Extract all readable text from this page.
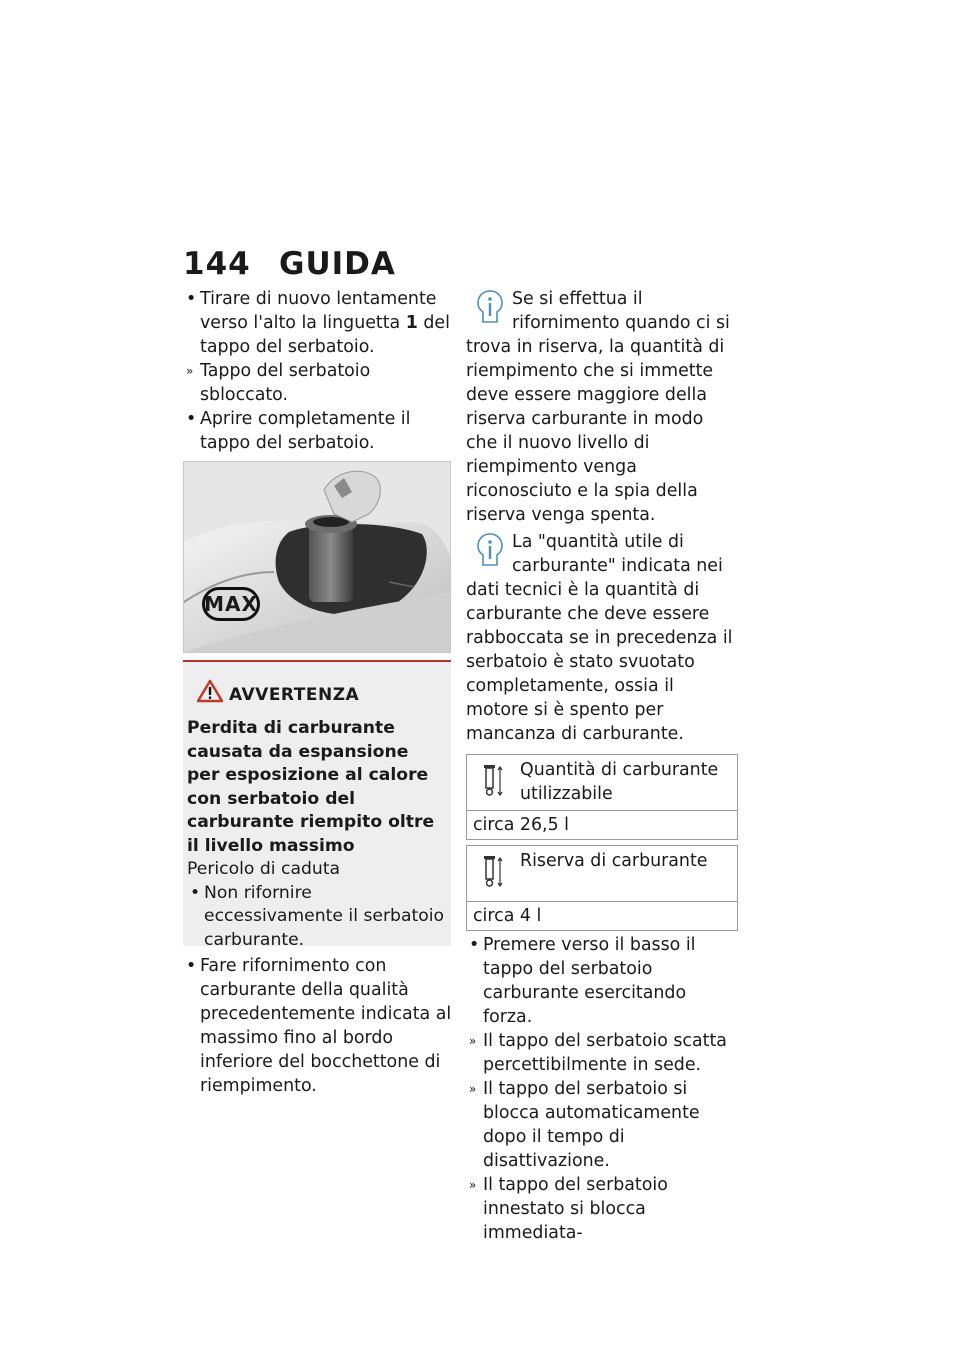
144 GUIDA
• Tirare di nuovo lentamente verso l'alto la linguetta 1 del tappo del serbatoio.
» Tappo del serbatoio sbloccato.
• Aprire completamente il tappo del serbatoio.
MAX
AVVERTENZA
Perdita di carburante causata da espansione per esposizione al calore con serbatoio del carburante riempito oltre il livello massimo
Pericolo di caduta
• Non rifornire eccessivamente il serbatoio carburante.
• Fare rifornimento con carburante della qualità precedentemente indicata al massimo fino al bordo inferiore del bocchettone di riempimento.
Se si effettua il rifornimento quando ci si trova in riserva, la quantità di riempimento che si immette deve essere maggiore della riserva carburante in modo che il nuovo livello di riempimento venga riconosciuto e la spia della riserva venga spenta.
La "quantità utile di carburante" indicata nei dati tecnici è la quantità di carburante che deve essere rabboccata se in precedenza il serbatoio è stato svuotato completamente, ossia il motore si è spento per mancanza di carburante.
Quantità di carburante utilizzabile
circa 26,5 l
Riserva di carburante
circa 4 l
• Premere verso il basso il tappo del serbatoio carburante esercitando forza.
» Il tappo del serbatoio scatta percettibilmente in sede.
» Il tappo del serbatoio si blocca automaticamente dopo il tempo di disattivazione.
» Il tappo del serbatoio innestato si blocca immediata-
